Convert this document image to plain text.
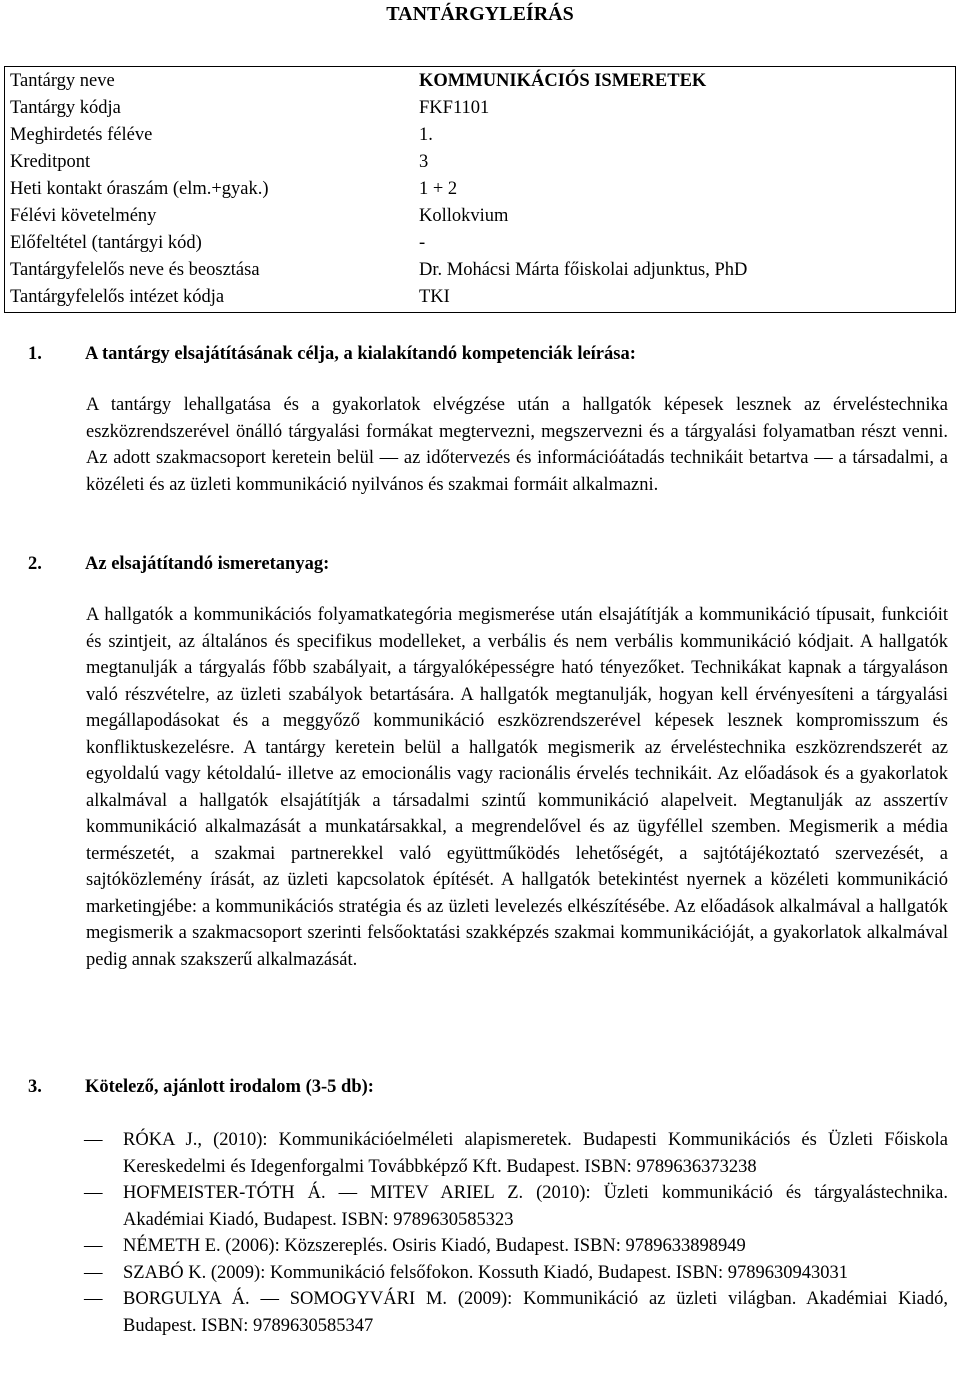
TANTÁRGYLEÍRÁS
Tantárgy neve	KOMMUNIKÁCIÓS ISMERETEK
Tantárgy kódja	FKF1101
Meghirdetés féléve	1.
Kreditpont	3
Heti kontakt óraszám (elm.+gyak.)	1 + 2
Félévi követelmény	Kollokvium
Előfeltétel (tantárgyi kód)	-
Tantárgyfelelős neve és beosztása	Dr. Mohácsi Márta főiskolai adjunktus, PhD
Tantárgyfelelős intézet kódja	TKI
1. A tantárgy elsajátításának célja, a kialakítandó kompetenciák leírása:
A tantárgy lehallgatása és a gyakorlatok elvégzése után a hallgatók képesek lesznek az érveléstechnika eszközrendszerével önálló tárgyalási formákat megtervezni, megszervezni és a tárgyalási folyamatban részt venni. Az adott szakmacsoport keretein belül — az időtervezés és információátadás technikáit betartva — a társadalmi, a közéleti és az üzleti kommunikáció nyilvános és szakmai formáit alkalmazni.
2. Az elsajátítandó ismeretanyag:
A hallgatók a kommunikációs folyamatkategória megismerése után elsajátítják a kommunikáció típusait, funkcióit és szintjeit, az általános és specifikus modelleket, a verbális és nem verbális kommunikáció kódjait. A hallgatók megtanulják a tárgyalás főbb szabályait, a tárgyalóképességre ható tényezőket. Technikákat kapnak a tárgyaláson való részvételre, az üzleti szabályok betartására. A hallgatók megtanulják, hogyan kell érvényesíteni a tárgyalási megállapodásokat és a meggyőző kommunikáció eszközrendszerével képesek lesznek kompromisszum és konfliktuskezelésre. A tantárgy keretein belül a hallgatók megismerik az érveléstechnika eszközrendszerét az egyoldalú vagy kétoldalú- illetve az emocionális vagy racionális érvelés technikáit. Az előadások és a gyakorlatok alkalmával a hallgatók elsajátítják a társadalmi szintű kommunikáció alapelveit. Megtanulják az asszertív kommunikáció alkalmazását a munkatársakkal, a megrendelővel és az ügyféllel szemben. Megismerik a média természetét, a szakmai partnerekkel való együttműködés lehetőségét, a sajtótájékoztató szervezését, a sajtóközlemény írását, az üzleti kapcsolatok építését. A hallgatók betekintést nyernek a közéleti kommunikáció marketingjébe: a kommunikációs stratégia és az üzleti levelezés elkészítésébe. Az előadások alkalmával a hallgatók megismerik a szakmacsoport szerinti felsőoktatási szakképzés szakmai kommunikációját, a gyakorlatok alkalmával pedig annak szakszerű alkalmazását.
3. Kötelező, ajánlott irodalom (3-5 db):
— RÓKA J., (2010): Kommunikációelméleti alapismeretek. Budapesti Kommunikációs és Üzleti Főiskola Kereskedelmi és Idegenforgalmi Továbbképző Kft. Budapest. ISBN: 9789636373238
— HOFMEISTER-TÓTH Á. — MITEV ARIEL Z. (2010): Üzleti kommunikáció és tárgyalástechnika. Akadémiai Kiadó, Budapest. ISBN: 9789630585323
— NÉMETH E. (2006): Közszereplés. Osiris Kiadó, Budapest. ISBN: 9789633898949
— SZABÓ K. (2009): Kommunikáció felsőfokon. Kossuth Kiadó, Budapest. ISBN: 9789630943031
— BORGULYA Á. — SOMOGYVÁRI M. (2009): Kommunikáció az üzleti világban. Akadémiai Kiadó, Budapest. ISBN: 9789630585347
